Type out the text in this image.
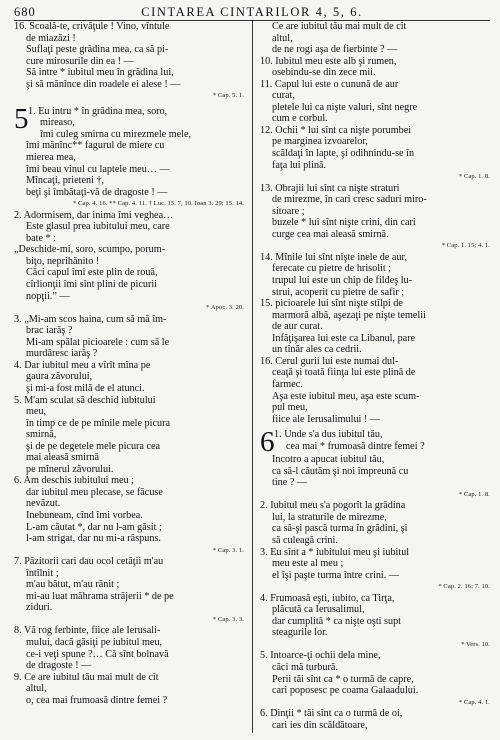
680	CINTAREA CINTARILOR 4, 5, 6.
16. Scoală-te, crivăţule ! Vino, vîntule
de miazăzi !
Suflaţi peste grădina mea, ca să pi-
cure mirosurile din ea ! —
Să intre * iubitul meu în grădina lui,
şi să mănînce din roadele ei alese ! —
* Cap. 5. 1.
5 1. Eu intru * în grădina mea, soro,
mireaso,
îmi culeg smirna cu mirezmele mele,
îmi mănînc** fagurul de miere cu
mierea mea,
îmi beau vinul cu laptele meu… —
Mîncaţi, prieteni †,
beţi şi îmbătaţi-vă de dragoste ! —
* Cap. 4. 16. ** Cap. 4. 11. † Luc. 15. 7, 10. Ioan 3. 29; 15. 14.
2. Adormisem, dar inima îmi veghea…
Este glasul prea iubitului meu, care
bate * :
„Deschide-mi, soro, scumpo, porum-
biţo, neprihănito !
Căci capul îmi este plin de rouă,
cîrlionţii îmi sînt plini de picurii
nopţii.” —
* Apoc. 3. 20.
3. „Mi-am scos haina, cum să mă îm-
brac iarăş ?
Mi-am spălat picioarele : cum să le
murdăresc iarăş ?
4. Dar iubitul meu a vîrît mîna pe
gaura zăvorului,
şi mi-a fost milă de el atunci.
5. M'am sculat să deschid iubitului
meu,
în timp ce de pe mînile mele picura
smirnă,
şi de pe degetele mele picura cea
mai aleasă smirnă
pe mînerul zăvorului.
6. Am deschis iubitului meu ;
dar iubitul meu plecase, se făcuse
nevăzut.
Inebuneam, cînd îmi vorbea.
L-am căutat *, dar nu l-am găsit ;
l-am strigat, dar nu mi-a răspuns.
* Cap. 3. 1.
7. Păzitorii cari dau ocol cetăţii m'au
întîlnit ;
m'au bătut, m'au rănit ;
mi-au luat măhrama străjerii * de pe
ziduri.
* Cap. 3. 3.
8. Vă rog ferbinte, fiice ale Ierusali-
mului, dacă găsiţi pe iubitul meu,
ce-i veţi spune ?… Că sînt bolnavă
de dragoste ! —
9. Ce are iubitul tău mai mult de cît
altul,
o, cea mai frumoasă dintre femei ?
Ce are iubitul tău mai mult de cît
altul,
de ne rogi aşa de fierbinte ? —
10. Iubitul meu este alb şi rumen,
osebindu-se din zece mii.
11. Capul lui este o cunună de aur
curat,
pletele lui ca nişte valuri, sînt negre
cum e corbul.
12. Ochii * lui sînt ca nişte porumbei
pe marginea izvoarelor,
scăldaţi în lapte, şi odihnindu-se în
faţa lui plină.
* Cap. 1. 8.
13. Obrajii lui sînt ca nişte straturi
de mirezme, în cari cresc saduri miro-
sitoare ;
buzele * lui sînt nişte crini, din cari
curge cea mai aleasă smirnă.
* Cap. 1. 15; 4. 1.
14. Mînile lui sînt nişte inele de aur,
ferecate cu pietre de hrisolit ;
trupul lui este un chip de fildeş lu-
strui, acoperit cu pietre de safir ;
15. picioarele lui sînt nişte stîlpi de
marmoră albă, aşezaţi pe nişte temelii
de aur curat.
Infăţişarea lui este ca Libanul, pare
un tînăr ales ca cedrii.
16. Cerul gurii lui este numai dul-
ceaţă şi toată fiinţa lui este plină de
farmec.
Aşa este iubitul meu, aşa este scum-
pul meu,
fiice ale Ierusalimului ! —
6 1. Unde s'a dus iubitul tău,
cea mai * frumoasă dintre femei ?
Incotro a apucat iubitul tău,
ca să-l căutăm şi noi împreună cu
tine ? —
* Cap. 1. 8.
2. Iubitul meu s'a pogorît la grădina
lui, la straturile de mirezme,
ca să-şi pască turma în grădini, şi
să culeagă crini.
3. Eu sînt a * iubitului meu şi iubitul
meu este al meu ;
el îşi paşte turma între crini. —
* Cap. 2. 16; 7. 10.
4. Frumoasă eşti, iubito, ca Tirţa,
plăcută ca Ierusalimul,
dar cumplită * ca nişte oşti supt
steagurile lor.
* Vers. 10.
5. Intoarce-ţi ochii dela mine,
căci mă turbură.
Perii tăi sînt ca * o turmă de capre,
cari poposesc pe coama Galaadului.
* Cap. 4. 1.
6. Dinţii * tăi sînt ca o turmă de oi,
cari ies din scăldătoare,
